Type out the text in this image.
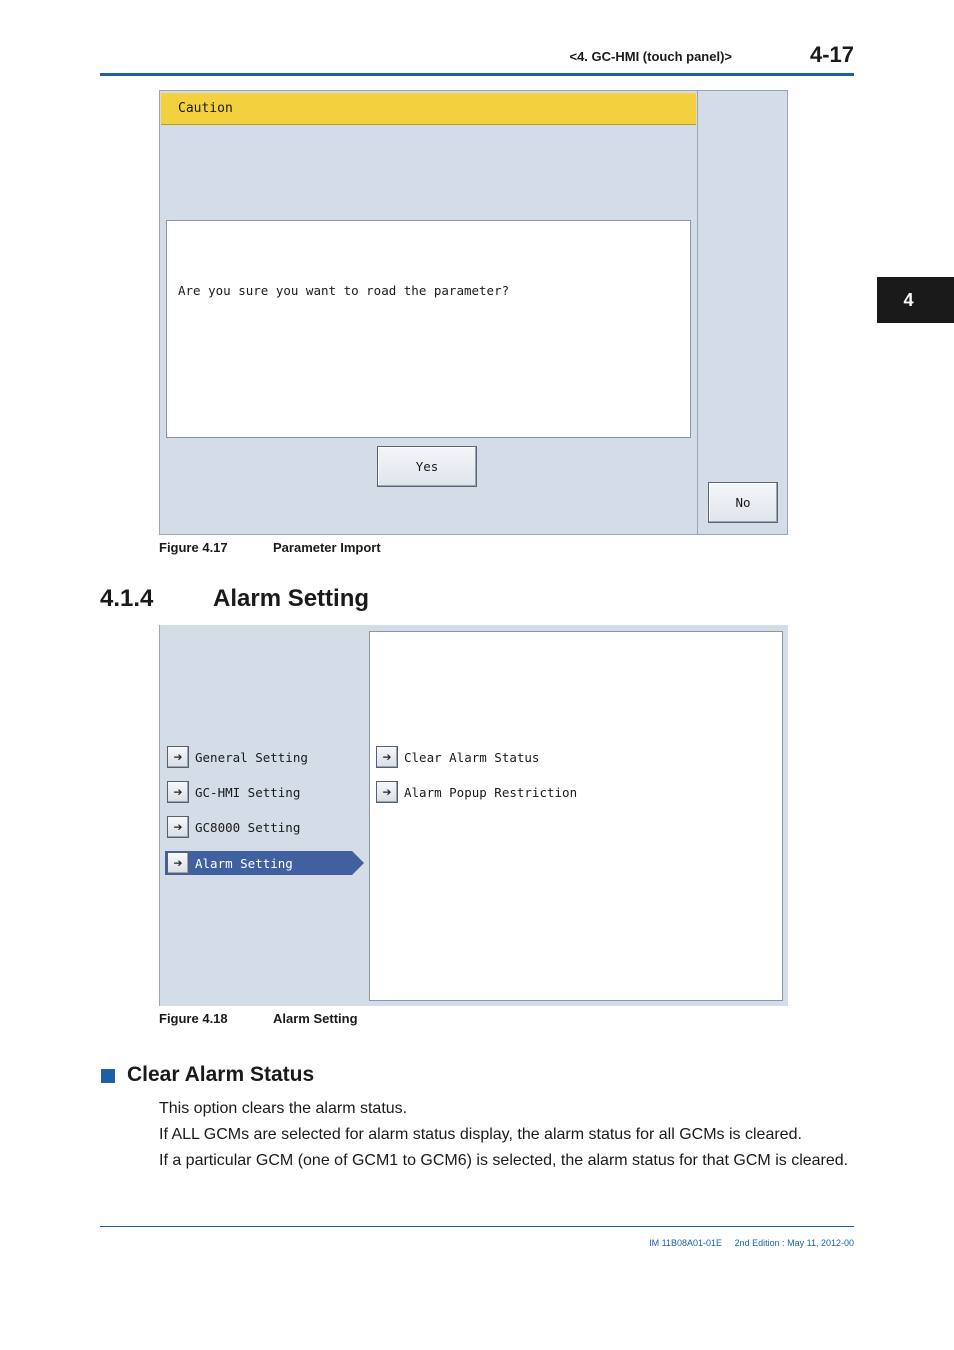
<4. GC-HMI (touch panel)>	4-17
4
Caution
Are you sure you want to road the parameter?
Yes
No
Figure 4.17	Parameter Import
4.1.4 Alarm Setting
➔ General Setting
➔ GC-HMI Setting
➔ GC8000 Setting
➔ Alarm Setting
➔ Clear Alarm Status
➔ Alarm Popup Restriction
Figure 4.18	Alarm Setting
Clear Alarm Status
This option clears the alarm status.
If ALL GCMs are selected for alarm status display, the alarm status for all GCMs is cleared.
If a particular GCM (one of GCM1 to GCM6) is selected, the alarm status for that GCM is cleared.
IM 11B08A01-01E 2nd Edition : May 11, 2012-00
